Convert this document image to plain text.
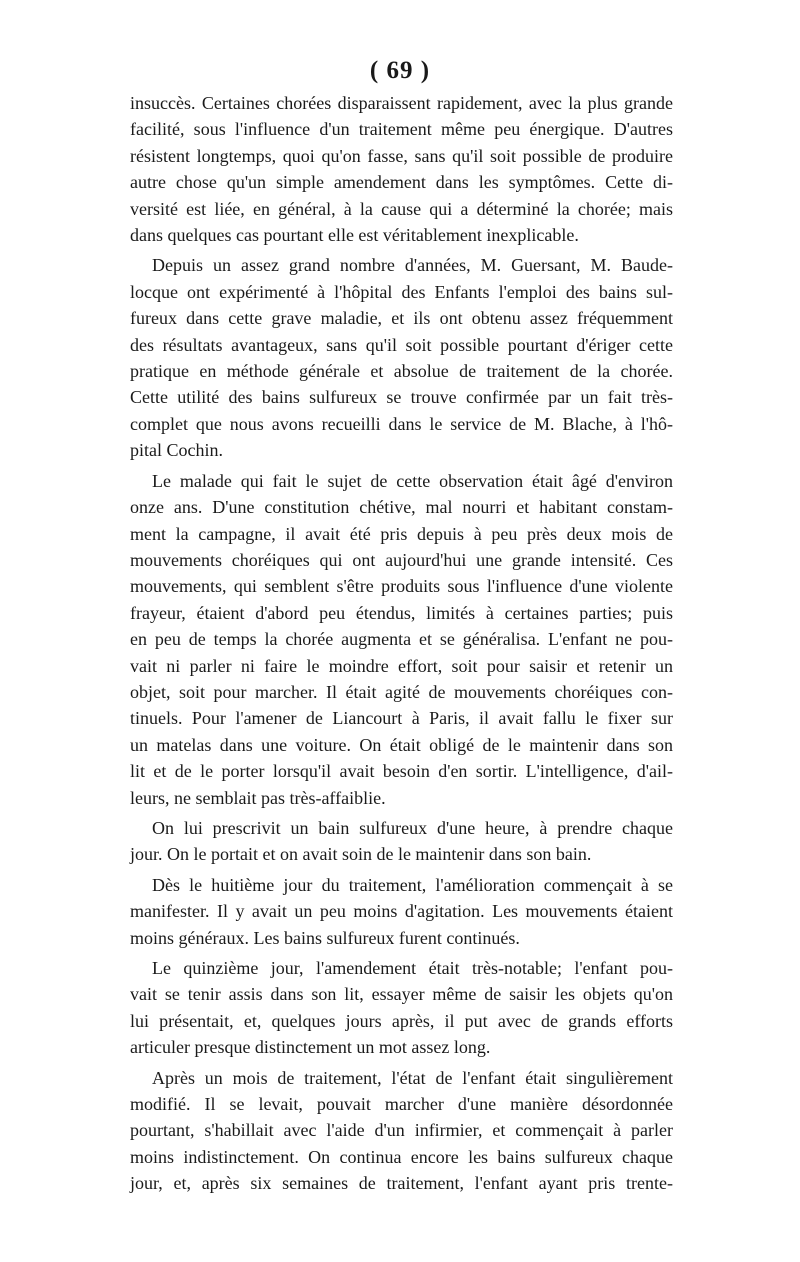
( 69 )

insuccès. Certaines chorées disparaissent rapidement, avec la plus grande
facilité, sous l'influence d'un traitement même peu énergique. D'autres
résistent longtemps, quoi qu'on fasse, sans qu'il soit possible de produire
autre chose qu'un simple amendement dans les symptômes. Cette di-
versité est liée, en général, à la cause qui a déterminé la chorée; mais
dans quelques cas pourtant elle est véritablement inexplicable.

Depuis un assez grand nombre d'années, M. Guersant, M. Baude-
locque ont expérimenté à l'hôpital des Enfants l'emploi des bains sul-
fureux dans cette grave maladie, et ils ont obtenu assez fréquemment
des résultats avantageux, sans qu'il soit possible pourtant d'ériger cette
pratique en méthode générale et absolue de traitement de la chorée.
Cette utilité des bains sulfureux se trouve confirmée par un fait très-
complet que nous avons recueilli dans le service de M. Blache, à l'hô-
pital Cochin.

Le malade qui fait le sujet de cette observation était âgé d'environ
onze ans. D'une constitution chétive, mal nourri et habitant constam-
ment la campagne, il avait été pris depuis à peu près deux mois de
mouvements choréiques qui ont aujourd'hui une grande intensité. Ces
mouvements, qui semblent s'être produits sous l'influence d'une violente
frayeur, étaient d'abord peu étendus, limités à certaines parties; puis
en peu de temps la chorée augmenta et se généralisa. L'enfant ne pou-
vait ni parler ni faire le moindre effort, soit pour saisir et retenir un
objet, soit pour marcher. Il était agité de mouvements choréiques con-
tinuels. Pour l'amener de Liancourt à Paris, il avait fallu le fixer sur
un matelas dans une voiture. On était obligé de le maintenir dans son
lit et de le porter lorsqu'il avait besoin d'en sortir. L'intelligence, d'ail-
leurs, ne semblait pas très-affaiblie.

On lui prescrivit un bain sulfureux d'une heure, à prendre chaque
jour. On le portait et on avait soin de le maintenir dans son bain.

Dès le huitième jour du traitement, l'amélioration commençait à se
manifester. Il y avait un peu moins d'agitation. Les mouvements étaient
moins généraux. Les bains sulfureux furent continués.

Le quinzième jour, l'amendement était très-notable; l'enfant pou-
vait se tenir assis dans son lit, essayer même de saisir les objets qu'on
lui présentait, et, quelques jours après, il put avec de grands efforts
articuler presque distinctement un mot assez long.

Après un mois de traitement, l'état de l'enfant était singulièrement
modifié. Il se levait, pouvait marcher d'une manière désordonnée
pourtant, s'habillait avec l'aide d'un infirmier, et commençait à parler
moins indistinctement. On continua encore les bains sulfureux chaque
jour, et, après six semaines de traitement, l'enfant ayant pris trente-
